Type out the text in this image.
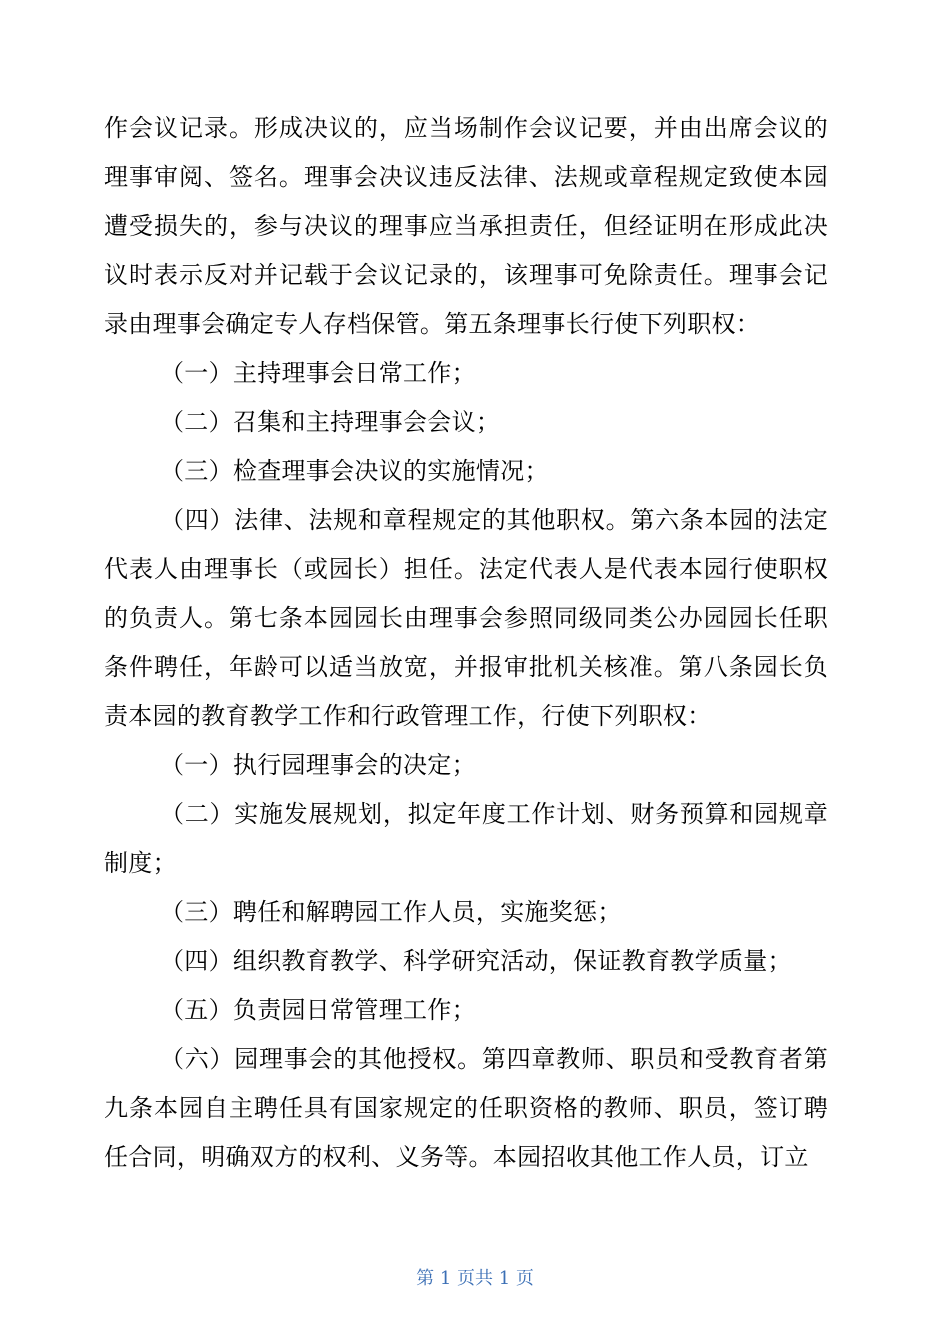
作会议记录。形成决议的，应当场制作会议记要，并由出席会议的理事审阅、签名。理事会决议违反法律、法规或章程规定致使本园遭受损失的，参与决议的理事应当承担责任，但经证明在形成此决议时表示反对并记载于会议记录的，该理事可免除责任。理事会记录由理事会确定专人存档保管。第五条理事长行使下列职权：

（一）主持理事会日常工作；

（二）召集和主持理事会会议；

（三）检查理事会决议的实施情况；

（四）法律、法规和章程规定的其他职权。第六条本园的法定代表人由理事长（或园长）担任。法定代表人是代表本园行使职权的负责人。第七条本园园长由理事会参照同级同类公办园园长任职条件聘任，年龄可以适当放宽，并报审批机关核准。第八条园长负责本园的教育教学工作和行政管理工作，行使下列职权：

（一）执行园理事会的决定；

（二）实施发展规划，拟定年度工作计划、财务预算和园规章制度；

（三）聘任和解聘园工作人员，实施奖惩；

（四）组织教育教学、科学研究活动，保证教育教学质量；

（五）负责园日常管理工作；

（六）园理事会的其他授权。第四章教师、职员和受教育者第九条本园自主聘任具有国家规定的任职资格的教师、职员，签订聘任合同，明确双方的权利、义务等。本园招收其他工作人员，订立

第 1 页共 1 页
